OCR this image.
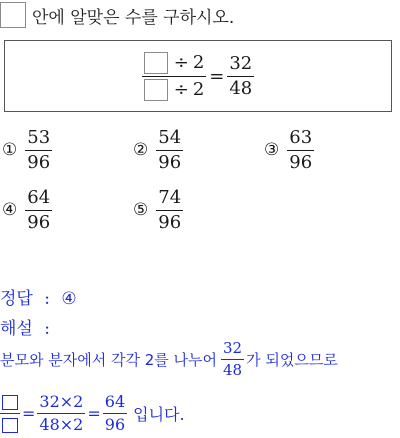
안에 알맞은 수를 구하시오.
$\frac{\div 2}{\div 2} = \frac{32}{48}$
① $\frac{53}{96}$	② $\frac{54}{96}$	③ $\frac{63}{96}$
④ $\frac{64}{96}$	⑤ $\frac{74}{96}$
정답 : ④
해설 :
분모와 분자에서 각각 2를 나누어 $\frac{32}{48}$ 가 되었으므로
= $\frac{32\times 2}{48\times 2} = \frac{64}{96}$ 입니다.
